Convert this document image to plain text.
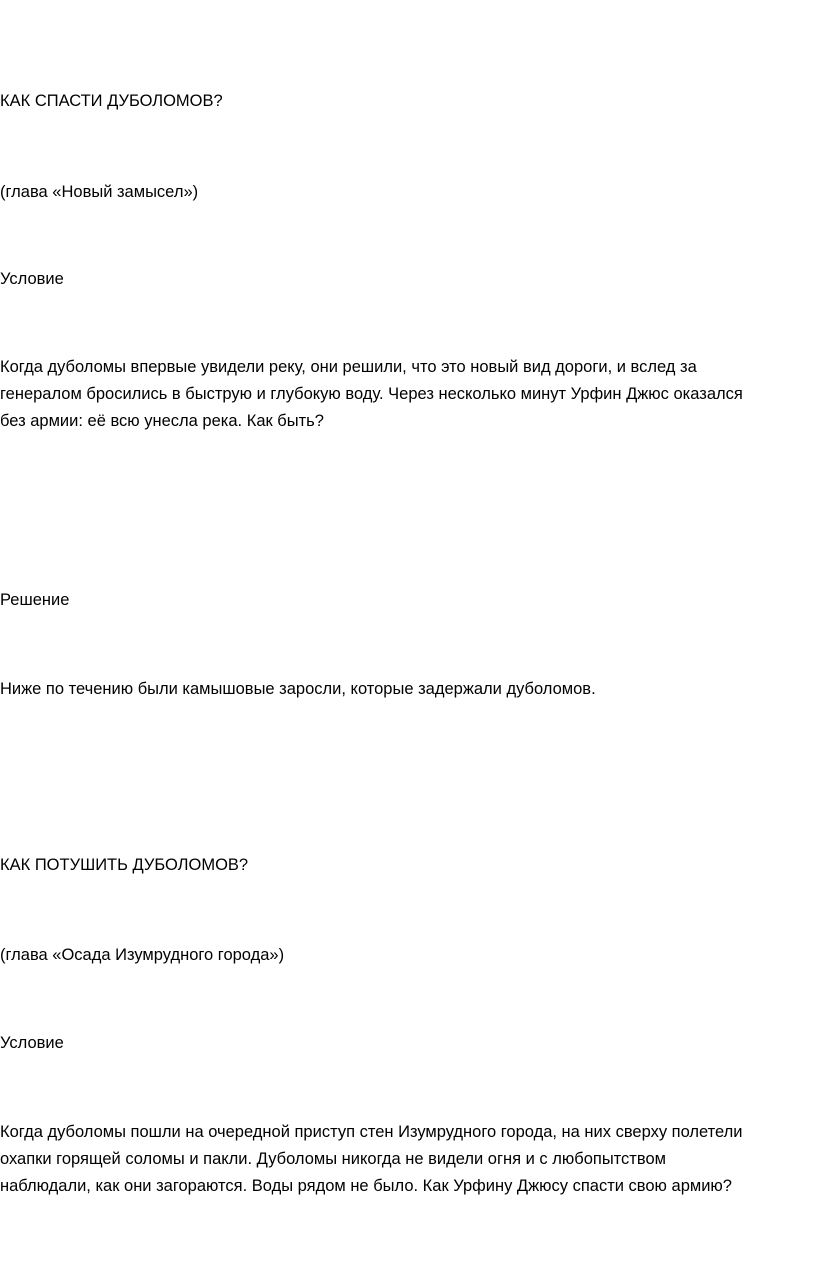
КАК СПАСТИ ДУБОЛОМОВ?

(глава «Новый замысел»)

Условие

Когда дуболомы впервые увидели реку, они решили, что это новый вид дороги, и вслед за
генералом бросились в быструю и глубокую воду. Через несколько минут Урфин Джюс оказался
без армии: её всю унесла река. Как быть?

Решение

Ниже по течению были камышовые заросли, которые задержали дуболомов.

КАК ПОТУШИТЬ ДУБОЛОМОВ?

(глава «Осада Изумрудного города»)

Условие

Когда дуболомы пошли на очередной приступ стен Изумрудного города, на них сверху полетели
охапки горящей соломы и пакли. Дуболомы никогда не видели огня и с любопытством
наблюдали, как они загораются. Воды рядом не было. Как Урфину Джюсу спасти свою армию?
